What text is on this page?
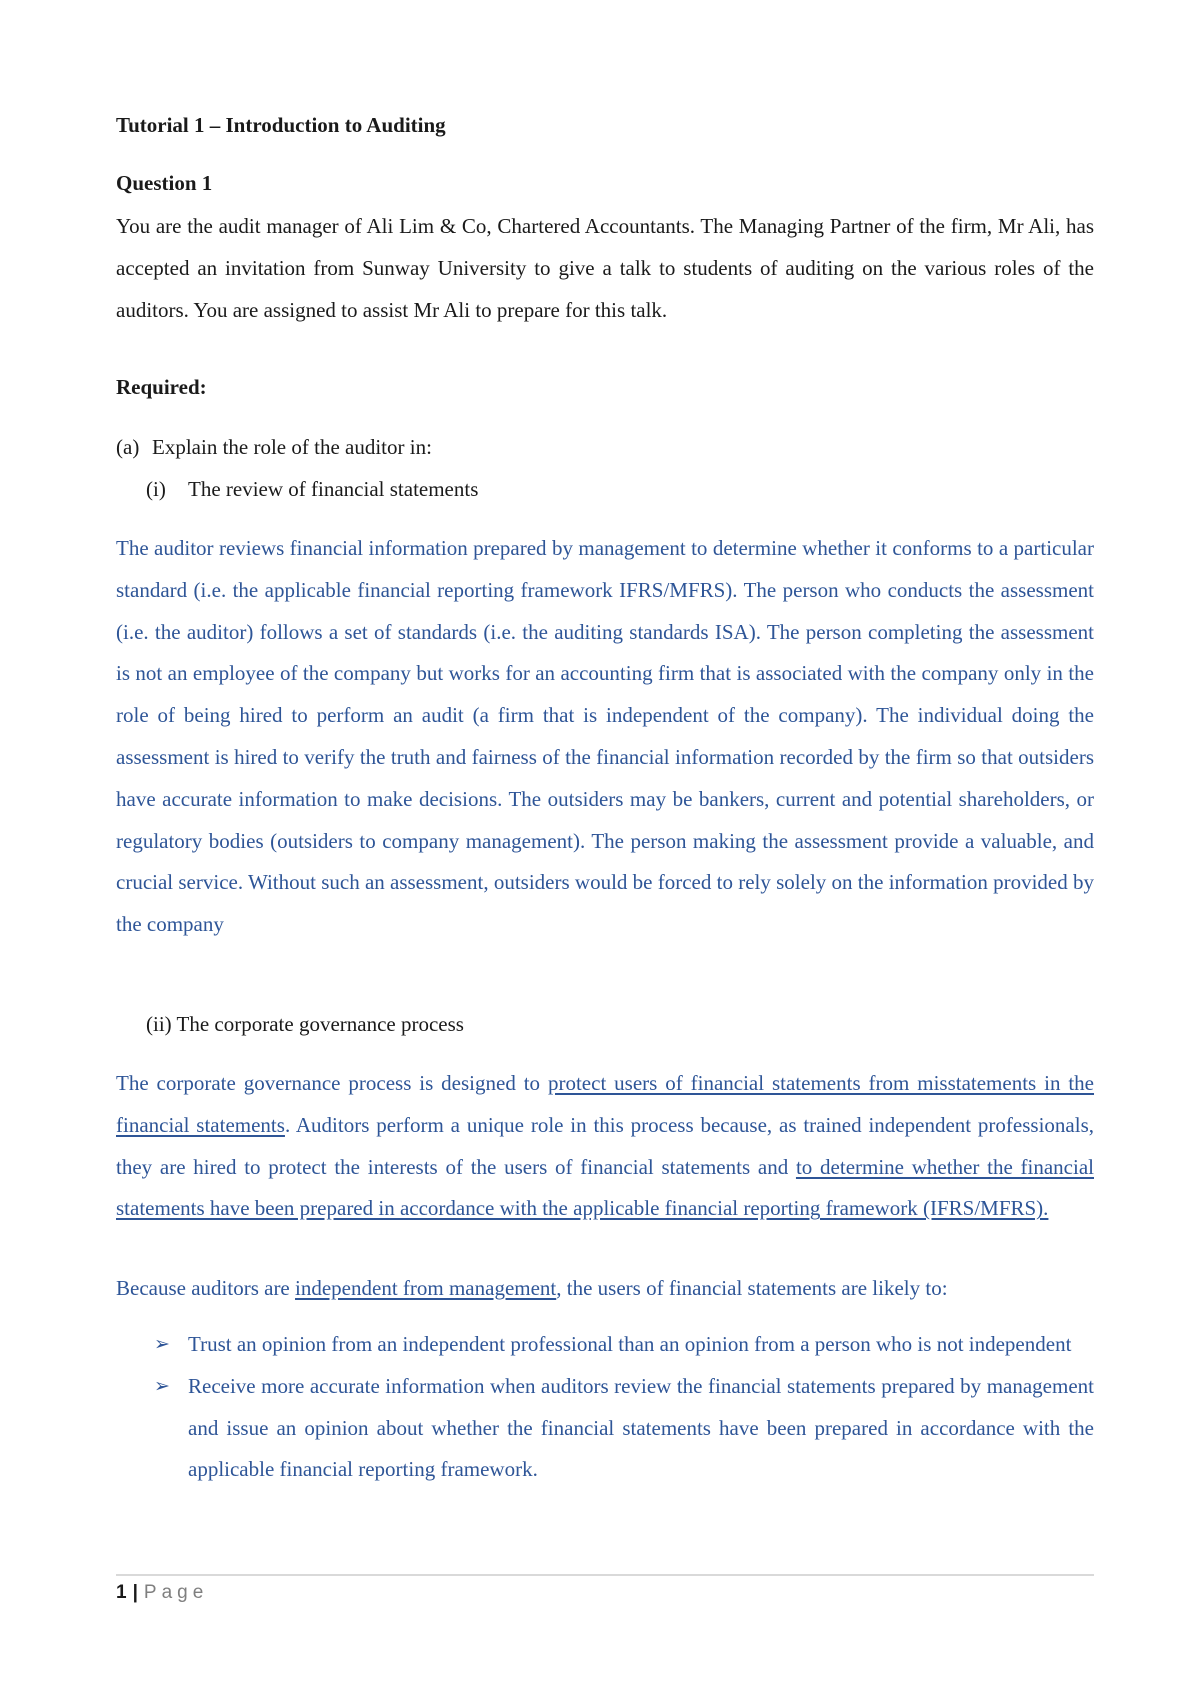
Tutorial 1 – Introduction to Auditing

Question 1

You are the audit manager of Ali Lim & Co, Chartered Accountants. The Managing Partner of the firm, Mr Ali, has accepted an invitation from Sunway University to give a talk to students of auditing on the various roles of the auditors. You are assigned to assist Mr Ali to prepare for this talk.

Required:

(a) Explain the role of the auditor in:

(i) The review of financial statements

The auditor reviews financial information prepared by management to determine whether it conforms to a particular standard (i.e. the applicable financial reporting framework IFRS/MFRS). The person who conducts the assessment (i.e. the auditor) follows a set of standards (i.e. the auditing standards ISA). The person completing the assessment is not an employee of the company but works for an accounting firm that is associated with the company only in the role of being hired to perform an audit (a firm that is independent of the company). The individual doing the assessment is hired to verify the truth and fairness of the financial information recorded by the firm so that outsiders have accurate information to make decisions. The outsiders may be bankers, current and potential shareholders, or regulatory bodies (outsiders to company management). The person making the assessment provide a valuable, and crucial service. Without such an assessment, outsiders would be forced to rely solely on the information provided by the company

(ii) The corporate governance process

The corporate governance process is designed to protect users of financial statements from misstatements in the financial statements. Auditors perform a unique role in this process because, as trained independent professionals, they are hired to protect the interests of the users of financial statements and to determine whether the financial statements have been prepared in accordance with the applicable financial reporting framework (IFRS/MFRS).

Because auditors are independent from management, the users of financial statements are likely to:

➢ Trust an opinion from an independent professional than an opinion from a person who is not independent
➢ Receive more accurate information when auditors review the financial statements prepared by management and issue an opinion about whether the financial statements have been prepared in accordance with the applicable financial reporting framework.
1 | Page
